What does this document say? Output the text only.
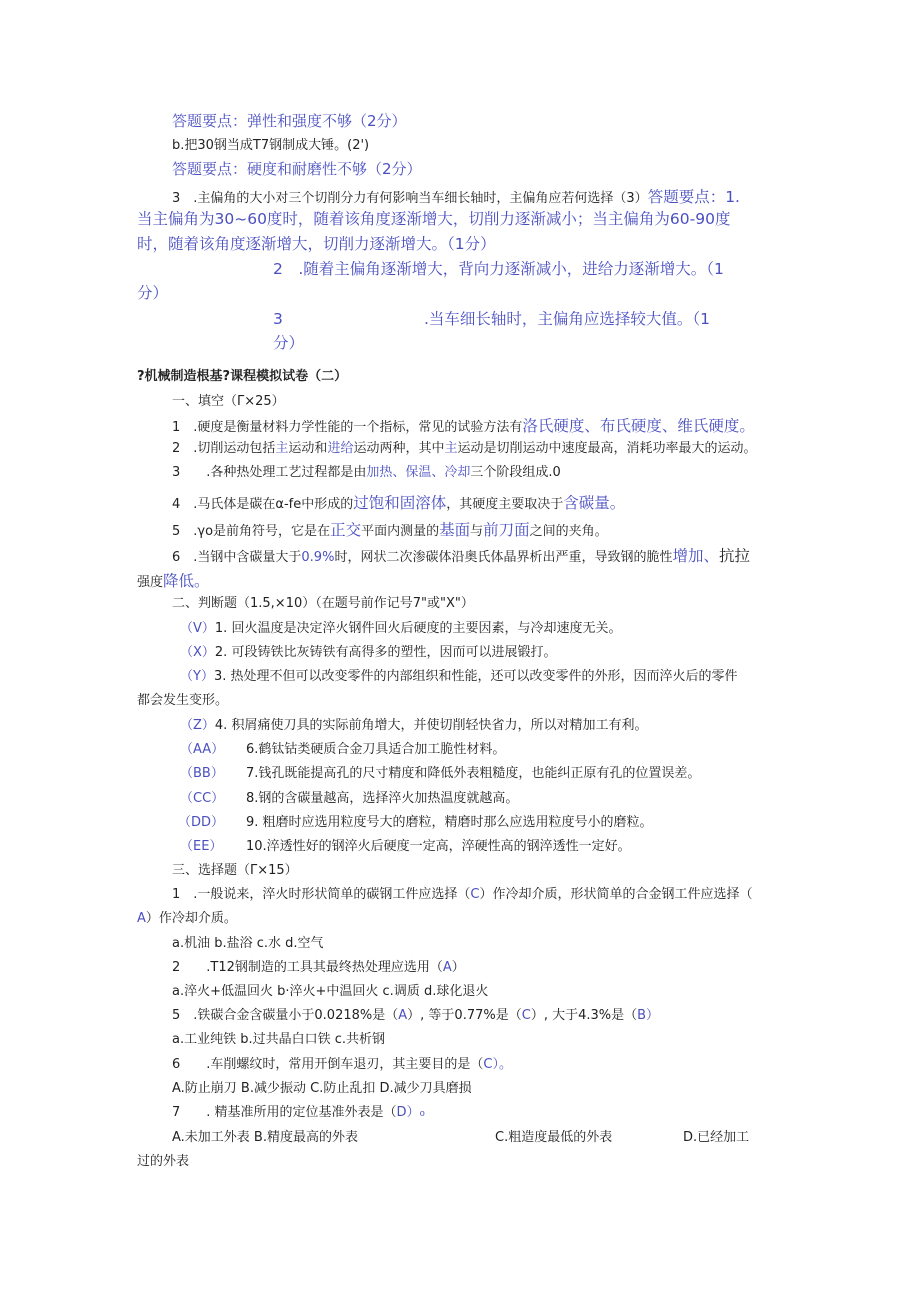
答题要点：弹性和强度不够（2分）
b.把30钢当成T7钢制成大锤。(2')
答题要点：硬度和耐磨性不够（2分）
3　.主偏角的大小对三个切削分力有何影响当车细长轴时，主偏角应若何选择（3）答题要点：1.
当主偏角为30~60度时，随着该角度逐渐增大，切削力逐渐减小；当主偏角为60-90度
时，随着该角度逐渐增大，切削力逐渐增大。（1分）
2　.随着主偏角逐渐增大，背向力逐渐减小，进给力逐渐增大。（1
分）
3	.当车细长轴时，主偏角应选择较大值。（1
分）
?机械制造根基?课程模拟试卷（二）
一、填空（Γ×25）
1　.硬度是衡量材料力学性能的一个指标，常见的试验方法有洛氏硬度、布氏硬度、维氏硬度。
2　.切削运动包括主运动和进给运动两种，其中主运动是切削运动中速度最高，消耗功率最大的运动。
3　　.各种热处理工艺过程都是由加热、保温、冷却三个阶段组成.0
4　.马氏体是碳在α-fe中形成的过饱和固溶体，其硬度主要取决于含碳量。
5　.γo是前角符号，它是在正交平面内测量的基面与前刀面之间的夹角。
6　.当钢中含碳量大于0.9%时，网状二次渗碳体沿奥氏体晶界析出严重，导致钢的脆性增加、抗拉
强度降低。
二、判断题（1.5,×10）（在题号前作记号7"或"X"）
（V）1. 回火温度是决定淬火钢件回火后硬度的主要因素，与冷却速度无关。
（X）2. 可段铸铁比灰铸铁有高得多的塑性，因而可以进展锻打。
（Y）3. 热处理不但可以改变零件的内部组织和性能，还可以改变零件的外形，因而淬火后的零件
都会发生变形。
（Z）4. 积屑痛使刀具的实际前角增大，并使切削轻快省力，所以对精加工有利。
（AA） 6.鹤钛钴类硬质合金刀具适合加工脆性材料。
（BB） 7.钱孔既能提高孔的尺寸精度和降低外表粗糙度，也能纠正原有孔的位置误差。
（CC） 8.钢的含碳量越高，选择淬火加热温度就越高。
（DD） 9. 粗磨时应选用粒度号大的磨粒，精磨时那么应选用粒度号小的磨粒。
（EE） 10.淬透性好的钢淬火后硬度一定高，淬硬性高的钢淬透性一定好。
三、选择题（Γ×15）
1　.一般说来，淬火时形状简单的碳钢工件应选择（C）作冷却介质，形状简单的合金钢工件应选择（
A）作冷却介质。
a.机油 b.盐浴 c.水 d.空气
2　　.T12钢制造的工具其最终热处理应选用（A）
a.淬火+低温回火 b·淬火+中温回火 c.调质 d.球化退火
5　.铁碳合金含碳量小于0.0218%是（A）, 等于0.77%是（C）, 大于4.3%是（B）
a.工业纯铁 b.过共晶白口铁 c.共析钢
6　　.车削螺纹时，常用开倒车退刃，其主要目的是（C）。
A.防止崩刀 B.减少振动 C.防止乱扣 D.减少刀具磨损
7　　. 精基准所用的定位基准外表是（D）₀
A.未加工外表 B.精度最高的外表	C.粗造度最低的外表	D.已经加工
过的外表
